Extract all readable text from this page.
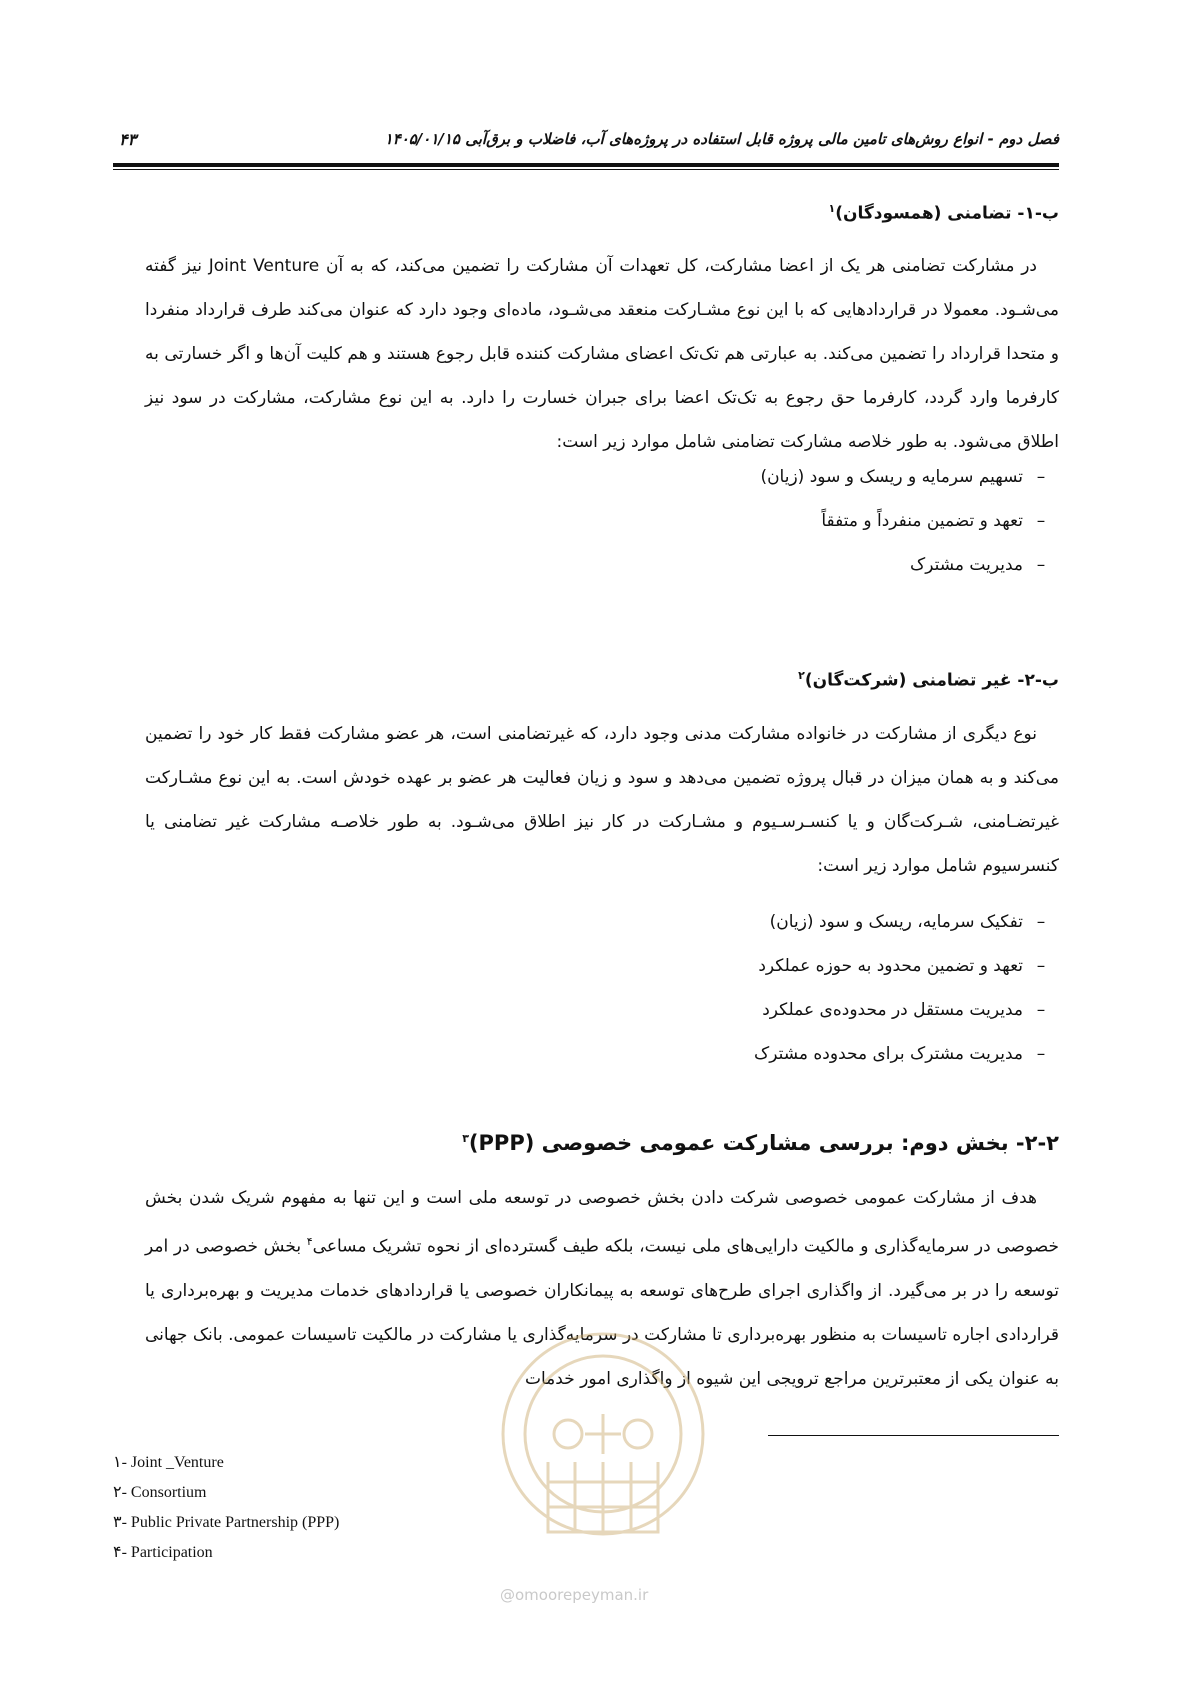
فصل دوم - انواع روش‌های تامین مالی پروژه قابل استفاده در پروژه‌های آب، فاضلاب و برق‌آبی ۱۴۰۵/۰۱/۱۵
۴۳
ب-۱- تضامنی (همسودگان)$^۱$

در مشارکت تضامنی هر یک از اعضا مشارکت، کل تعهدات آن مشارکت را تضمین می‌کند، که به آن Joint Venture نیز گفته می‌شـود. معمولا در قراردادهایی که با این نوع مشـارکت منعقد می‌شـود، ماده‌ای وجود دارد که عنوان می‌کند طرف قرارداد منفردا و متحدا قرارداد را تضمین می‌کند. به عبارتی هم تک‌تک اعضای مشارکت کننده قابل رجوع هستند و هم کلیت آن‌ها و اگر خسارتی به کارفرما وارد گردد، کارفرما حق رجوع به تک‌تک اعضا برای جبران خسارت را دارد. به این نوع مشارکت، مشارکت در سود نیز اطلاق می‌شود. به طور خلاصه مشارکت تضامنی شامل موارد زیر است:

–تسهیم سرمایه و ریسک و سود (زیان)
–تعهد و تضمین منفرداً و متفقاً
–مدیریت مشترک
ب-۲- غیر تضامنی (شرکت‌گان)$^۲$

نوع دیگری از مشارکت در خانواده مشارکت مدنی وجود دارد، که غیرتضامنی است، هر عضو مشارکت فقط کار خود را تضمین می‌کند و به همان میزان در قبال پروژه تضمین می‌دهد و سود و زیان فعالیت هر عضو بر عهده خودش است. به این نوع مشـارکت غیرتضـامنی، شـرکت‌گان و یا کنسـرسـیوم و مشـارکت در کار نیز اطلاق می‌شـود. به طور خلاصـه مشارکت غیر تضامنی یا کنسرسیوم شامل موارد زیر است:

–تفکیک سرمایه، ریسک و سود (زیان)
–تعهد و تضمین محدود به حوزه عملکرد
–مدیریت مستقل در محدوده‌ی عملکرد
–مدیریت مشترک برای محدوده مشترک
۲-۲- بخش دوم: بررسی مشارکت عمومی خصوصی (PPP)$^۳$

هدف از مشارکت عمومی خصوصی شرکت دادن بخش خصوصی در توسعه ملی است و این تنها به مفهوم شریک شدن بخش خصوصی در سرمایه‌گذاری و مالکیت دارایی‌های ملی نیست، بلکه طیف گسترده‌ای از نحوه تشریک مساعی$^۴$ بخش خصوصی در امر توسعه را در بر می‌گیرد. از واگذاری اجرای طرح‌های توسعه به پیمانکاران خصوصی یا قراردادهای خدمات مدیریت و بهره‌برداری یا قراردادی اجاره تاسیسات به منظور بهره‌برداری تا مشارکت در سرمایه‌گذاری یا مشارکت در مالکیت تاسیسات عمومی. بانک جهانی به عنوان یکی از معتبرترین مراجع ترویجی این شیوه از واگذاری امور خدمات

@omoorepeyman.ir
۱- Joint _Venture
۲- Consortium
۳- Public Private Partnership (PPP)
۴- Participation
